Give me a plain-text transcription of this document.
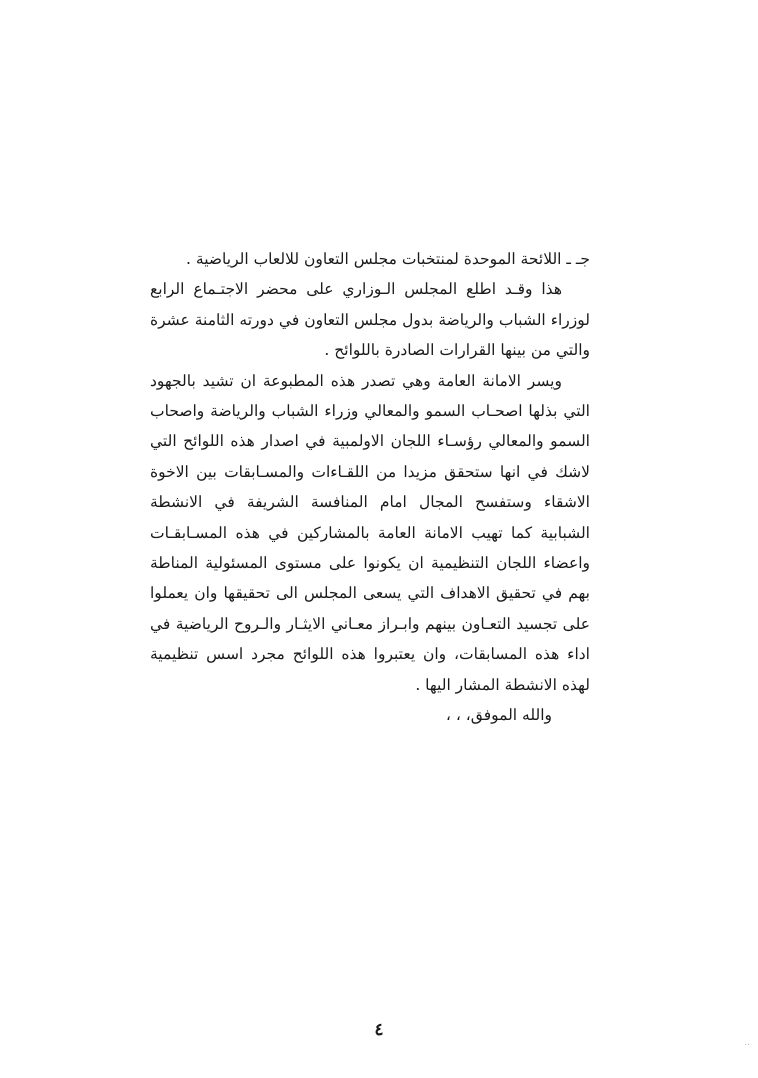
جـ ـ اللائحة الموحدة لمنتخبات مجلس التعاون للالعاب الرياضية .

هذا وقـد اطلع المجلس الـوزاري على محضر الاجتـماع الرابع لوزراء الشباب والرياضة بدول مجلس التعاون في دورته الثامنة عشرة والتي من بينها القرارات الصادرة باللوائح .

ويسر الامانة العامة وهي تصدر هذه المطبوعة ان تشيد بالجهود التي بذلها اصحـاب السمو والمعالي وزراء الشباب والرياضة واصحاب السمو والمعالي رؤسـاء اللجان الاولمبية في اصدار هذه اللوائح التي لاشك في انها ستحقق مزيدا من اللقـاءات والمسـابقات بين الاخوة الاشقاء وستفسح المجال امام المنافسة الشريفة في الانشطة الشبابية كما تهيب الامانة العامة بالمشاركين في هذه المسـابقـات واعضاء اللجان التنظيمية ان يكونوا على مستوى المسئولية المناطة بهم في تحقيق الاهداف التي يسعى المجلس الى تحقيقها وان يعملوا على تجسيد التعـاون بينهم وابـراز معـاني الايثـار والـروح الرياضية في اداء هذه المسابقات، وان يعتبروا هذه اللوائح مجرد اسس تنظيمية لهذه الانشطة المشار اليها .

والله الموفق، ، ،

٤
..
